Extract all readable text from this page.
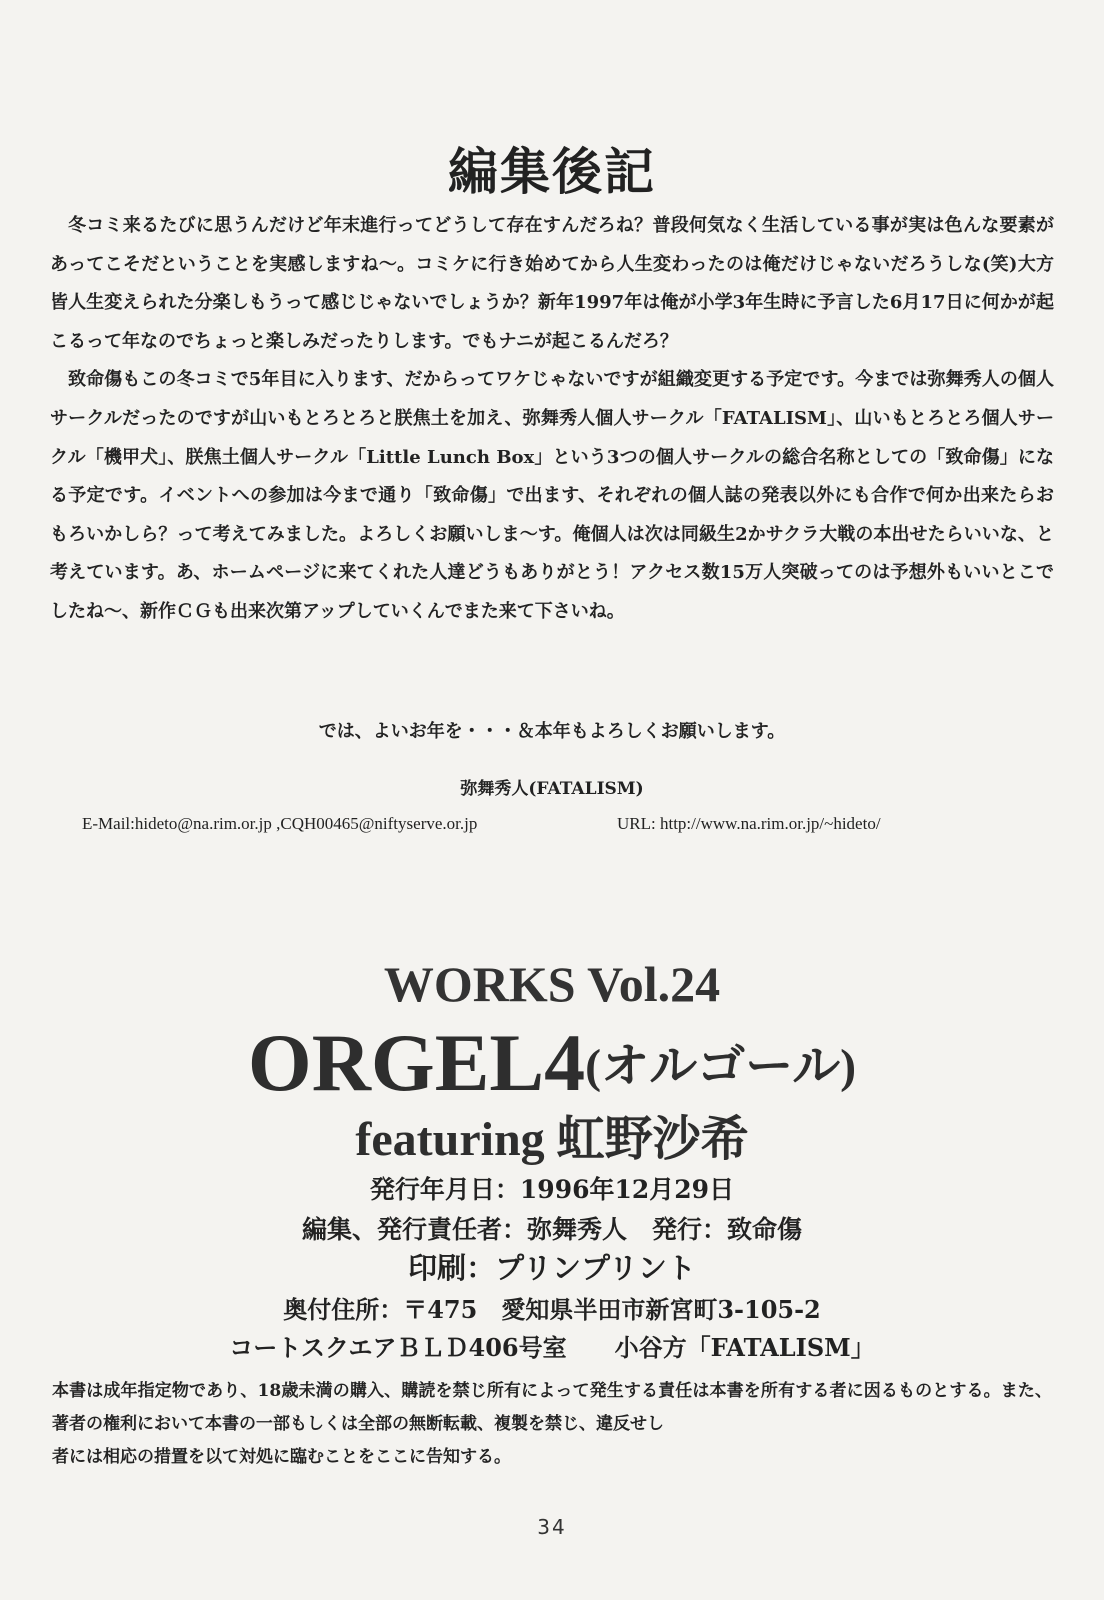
編集後記

冬コミ来るたびに思うんだけど年末進行ってどうして存在すんだろね？普段何気なく生活している事が実は色んな要素があってこそだということを実感しますね～。コミケに行き始めてから人生変わったのは俺だけじゃないだろうしな(笑)大方皆人生変えられた分楽しもうって感じじゃないでしょうか？新年1997年は俺が小学3年生時に予言した6月17日に何かが起こるって年なのでちょっと楽しみだったりします。でもナニが起こるんだろ？

致命傷もこの冬コミで5年目に入ります、だからってワケじゃないですが組織変更する予定です。今までは弥舞秀人の個人サークルだったのですが山いもとろとろと朕焦土を加え、弥舞秀人個人サークル「FATALISM」、山いもとろとろ個人サークル「機甲犬」、朕焦土個人サークル「Little Lunch Box」という3つの個人サークルの総合名称としての「致命傷」になる予定です。イベントへの参加は今まで通り「致命傷」で出ます、それぞれの個人誌の発表以外にも合作で何か出来たらおもろいかしら？って考えてみました。よろしくお願いしま～す。俺個人は次は同級生2かサクラ大戦の本出せたらいいな、と考えています。あ、ホームページに来てくれた人達どうもありがとう！アクセス数15万人突破ってのは予想外もいいとこでしたね～、新作ＣＧも出来次第アップしていくんでまた来て下さいね。

では、よいお年を・・・＆本年もよろしくお願いします。
弥舞秀人(FATALISM)
E-Mail:hideto@na.rim.or.jp ,CQH00465@niftyserve.or.jp	URL: http://www.na.rim.or.jp/~hideto/
WORKS Vol.24
ORGEL4(オルゴール)
featuring 虹野沙希
発行年月日：1996年12月29日
編集、発行責任者：弥舞秀人　発行：致命傷
印刷：プリンプリント
奥付住所：〒475　愛知県半田市新宮町3-105-2
コートスクエアＢＬＤ406号室　　小谷方「FATALISM」
本書は成年指定物であり、18歳未満の購入、購読を禁じ所有によって発生する責任は本書を所有する者に因るものとする。また、著者の権利において本書の一部もしくは全部の無断転載、複製を禁じ、違反せし
者には相応の措置を以て対処に臨むことをここに告知する。
34
